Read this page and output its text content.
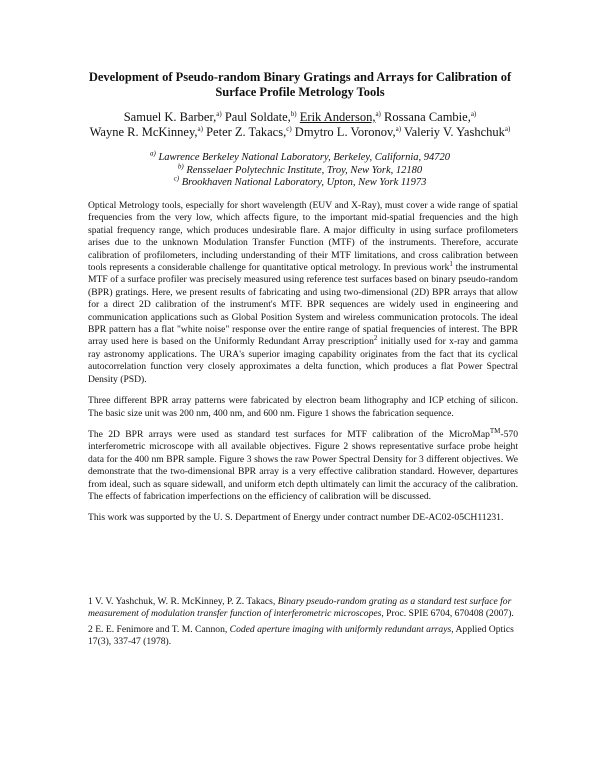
Development of Pseudo-random Binary Gratings and Arrays for Calibration of
Surface Profile Metrology Tools
Samuel K. Barber,$^{a)}$ Paul Soldate,$^{b)}$ Erik Anderson,$^{a)}$ Rossana Cambie,$^{a)}$
Wayne R. McKinney,$^{a)}$ Peter Z. Takacs,$^{c)}$ Dmytro L. Voronov,$^{a)}$ Valeriy V. Yashchuk$^{a)}$
$^{a)}$ Lawrence Berkeley National Laboratory, Berkeley, California, 94720
$^{b)}$ Rensselaer Polytechnic Institute, Troy, New York, 12180
$^{c)}$ Brookhaven National Laboratory, Upton, New York 11973

Optical Metrology tools, especially for short wavelength (EUV and X-Ray), must cover a wide range of spatial frequencies from the very low, which affects figure, to the important mid-spatial frequencies and the high spatial frequency range, which produces undesirable flare. A major difficulty in using surface profilometers arises due to the unknown Modulation Transfer Function (MTF) of the instruments. Therefore, accurate calibration of profilometers, including understanding of their MTF limitations, and cross calibration between tools represents a considerable challenge for quantitative optical metrology. In previous work$^1$ the instrumental MTF of a surface profiler was precisely measured using reference test surfaces based on binary pseudo-random (BPR) gratings. Here, we present results of fabricating and using two-dimensional (2D) BPR arrays that allow for a direct 2D calibration of the instrument's MTF. BPR sequences are widely used in engineering and communication applications such as Global Position System and wireless communication protocols. The ideal BPR pattern has a flat "white noise" response over the entire range of spatial frequencies of interest. The BPR array used here is based on the Uniformly Redundant Array prescription$^2$ initially used for x-ray and gamma ray astronomy applications. The URA's superior imaging capability originates from the fact that its cyclical autocorrelation function very closely approximates a delta function, which produces a flat Power Spectral Density (PSD).

Three different BPR array patterns were fabricated by electron beam lithography and ICP etching of silicon. The basic size unit was 200 nm, 400 nm, and 600 nm. Figure 1 shows the fabrication sequence.

The 2D BPR arrays were used as standard test surfaces for MTF calibration of the MicroMap™-570 interferometric microscope with all available objectives. Figure 2 shows representative surface probe height data for the 400 nm BPR sample. Figure 3 shows the raw Power Spectral Density for 3 different objectives. We demonstrate that the two-dimensional BPR array is a very effective calibration standard. However, departures from ideal, such as square sidewall, and uniform etch depth ultimately can limit the accuracy of the calibration. The effects of fabrication imperfections on the efficiency of calibration will be discussed.

This work was supported by the U. S. Department of Energy under contract number DE-AC02-05CH11231.

1 V. V. Yashchuk, W. R. McKinney, P. Z. Takacs, Binary pseudo-random grating as a standard test surface for measurement of modulation transfer function of interferometric microscopes, Proc. SPIE 6704, 670408 (2007).

2 E. E. Fenimore and T. M. Cannon, Coded aperture imaging with uniformly redundant arrays, Applied Optics 17(3), 337-47 (1978).
